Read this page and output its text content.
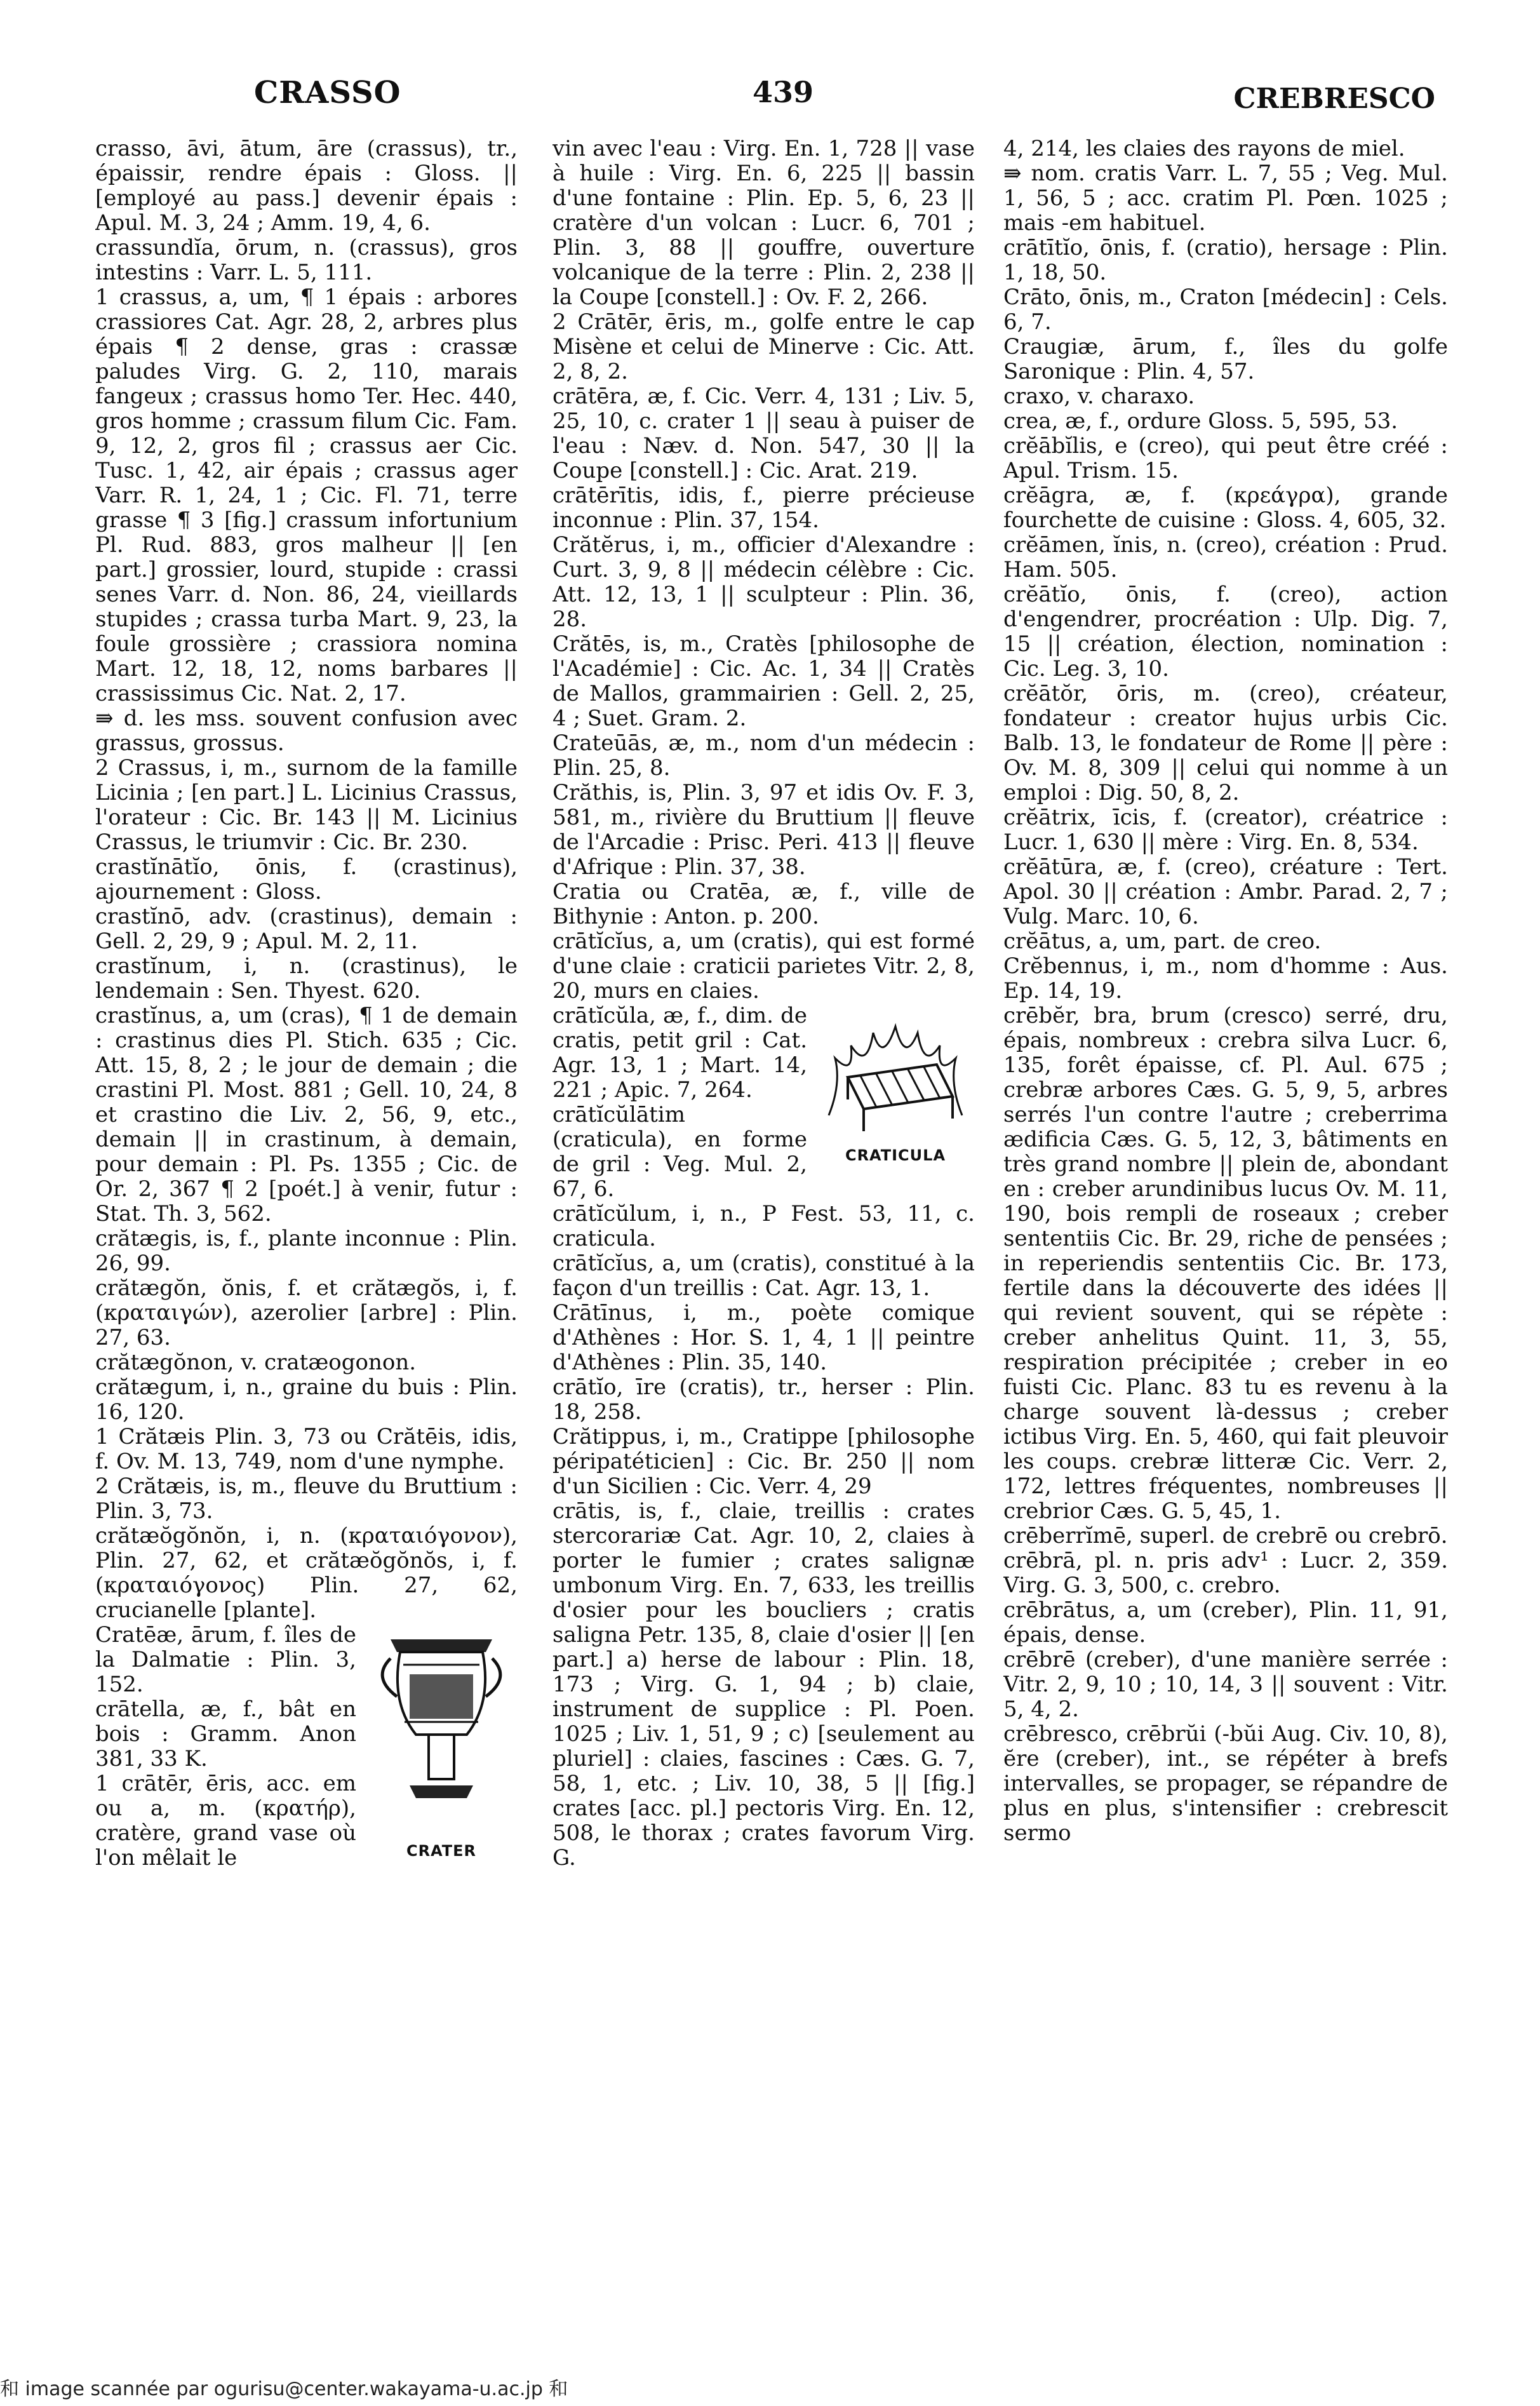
CRASSO	439	CREBRESCO

crasso, āvi, ātum, āre (crassus), tr., épaissir, rendre épais : Gloss. || [employé au pass.] devenir épais : Apul. M. 3, 24 ; Amm. 19, 4, 6.

crassundĭa, ōrum, n. (crassus), gros intestins : Varr. L. 5, 111.

1 crassus, a, um, ¶ 1 épais : arbores crassiores Cat. Agr. 28, 2, arbres plus épais ¶ 2 dense, gras : crassæ paludes Virg. G. 2, 110, marais fangeux ; crassus homo Ter. Hec. 440, gros homme ; crassum filum Cic. Fam. 9, 12, 2, gros fil ; crassus aer Cic. Tusc. 1, 42, air épais ; crassus ager Varr. R. 1, 24, 1 ; Cic. Fl. 71, terre grasse ¶ 3 [fig.] crassum infortunium Pl. Rud. 883, gros malheur || [en part.] grossier, lourd, stupide : crassi senes Varr. d. Non. 86, 24, vieillards stupides ; crassa turba Mart. 9, 23, la foule grossière ; crassiora nomina Mart. 12, 18, 12, noms barbares || crassissimus Cic. Nat. 2, 17.

⇛ d. les mss. souvent confusion avec grassus, grossus.

2 Crassus, i, m., surnom de la famille Licinia ; [en part.] L. Licinius Crassus, l'orateur : Cic. Br. 143 || M. Licinius Crassus, le triumvir : Cic. Br. 230.

crastĭnātĭo, ōnis, f. (crastinus), ajournement : Gloss.

crastĭnō, adv. (crastinus), demain : Gell. 2, 29, 9 ; Apul. M. 2, 11.

crastĭnum, i, n. (crastinus), le lendemain : Sen. Thyest. 620.

crastĭnus, a, um (cras), ¶ 1 de demain : crastinus dies Pl. Stich. 635 ; Cic. Att. 15, 8, 2 ; le jour de demain ; die crastini Pl. Most. 881 ; Gell. 10, 24, 8 et crastino die Liv. 2, 56, 9, etc., demain || in crastinum, à demain, pour demain : Pl. Ps. 1355 ; Cic. de Or. 2, 367 ¶ 2 [poét.] à venir, futur : Stat. Th. 3, 562.

crătægis, is, f., plante inconnue : Plin. 26, 99.

crătægŏn, ŏnis, f. et crătægŏs, i, f. (κραταιγών), azerolier [arbre] : Plin. 27, 63.

crătægŏnon, v. cratæogonon.

crătægum, i, n., graine du buis : Plin. 16, 120.

1 Crătæis Plin. 3, 73 ou Crătēis, idis, f. Ov. M. 13, 749, nom d'une nymphe.

2 Crătæis, is, m., fleuve du Bruttium : Plin. 3, 73.

crătæŏgŏnŏn, i, n. (κραταιόγονον), Plin. 27, 62, et crătæŏgŏnŏs, i, f. (κραταιόγονος) Plin. 27, 62, crucianelle [plante].

CRATER

Cratēæ, ārum, f. îles de la Dalmatie : Plin. 3, 152.

crātella, æ, f., bât en bois : Gramm. Anon 381, 33 K.

1 crātēr, ēris, acc. em ou a, m. (κρατήρ), cratère, grand vase où l'on mêlait le

vin avec l'eau : Virg. En. 1, 728 || vase à huile : Virg. En. 6, 225 || bassin d'une fontaine : Plin. Ep. 5, 6, 23 || cratère d'un volcan : Lucr. 6, 701 ; Plin. 3, 88 || gouffre, ouverture volcanique de la terre : Plin. 2, 238 || la Coupe [constell.] : Ov. F. 2, 266.

2 Crātēr, ēris, m., golfe entre le cap Misène et celui de Minerve : Cic. Att. 2, 8, 2.

crātēra, æ, f. Cic. Verr. 4, 131 ; Liv. 5, 25, 10, c. crater 1 || seau à puiser de l'eau : Næv. d. Non. 547, 30 || la Coupe [constell.] : Cic. Arat. 219.

crātērītis, idis, f., pierre précieuse inconnue : Plin. 37, 154.

Crătĕrus, i, m., officier d'Alexandre : Curt. 3, 9, 8 || médecin célèbre : Cic. Att. 12, 13, 1 || sculpteur : Plin. 36, 28.

Crătēs, is, m., Cratès [philosophe de l'Académie] : Cic. Ac. 1, 34 || Cratès de Mallos, grammairien : Gell. 2, 25, 4 ; Suet. Gram. 2.

Crateūās, æ, m., nom d'un médecin : Plin. 25, 8.

Crăthis, is, Plin. 3, 97 et idis Ov. F. 3, 581, m., rivière du Bruttium || fleuve de l'Arcadie : Prisc. Peri. 413 || fleuve d'Afrique : Plin. 37, 38.

Cratia ou Cratēa, æ, f., ville de Bithynie : Anton. p. 200.

crātĭcĭus, a, um (cratis), qui est formé d'une claie : craticii parietes Vitr. 2, 8, 20, murs en claies.

CRATICULA

crātĭcŭla, æ, f., dim. de cratis, petit gril : Cat. Agr. 13, 1 ; Mart. 14, 221 ; Apic. 7, 264.

crātĭcŭlātim (craticula), en forme de gril : Veg. Mul. 2, 67, 6.

crātĭcŭlum, i, n., P Fest. 53, 11, c. craticula.

crātĭcĭus, a, um (cratis), constitué à la façon d'un treillis : Cat. Agr. 13, 1.

Crātīnus, i, m., poète comique d'Athènes : Hor. S. 1, 4, 1 || peintre d'Athènes : Plin. 35, 140.

crātĭo, īre (cratis), tr., herser : Plin. 18, 258.

Crătippus, i, m., Cratippe [philosophe péripatéticien] : Cic. Br. 250 || nom d'un Sicilien : Cic. Verr. 4, 29

crātis, is, f., claie, treillis : crates stercorariæ Cat. Agr. 10, 2, claies à porter le fumier ; crates salignæ umbonum Virg. En. 7, 633, les treillis d'osier pour les boucliers ; cratis saligna Petr. 135, 8, claie d'osier || [en part.] a) herse de labour : Plin. 18, 173 ; Virg. G. 1, 94 ; b) claie, instrument de supplice : Pl. Poen. 1025 ; Liv. 1, 51, 9 ; c) [seulement au pluriel] : claies, fascines : Cæs. G. 7, 58, 1, etc. ; Liv. 10, 38, 5 || [fig.] crates [acc. pl.] pectoris Virg. En. 12, 508, le thorax ; crates favorum Virg. G.

4, 214, les claies des rayons de miel.

⇛ nom. cratis Varr. L. 7, 55 ; Veg. Mul. 1, 56, 5 ; acc. cratim Pl. Pœn. 1025 ; mais -em habituel.

crātītĭo, ōnis, f. (cratio), hersage : Plin. 1, 18, 50.

Crāto, ōnis, m., Craton [médecin] : Cels. 6, 7.

Craugiæ, ārum, f., îles du golfe Saronique : Plin. 4, 57.

craxo, v. charaxo.

crea, æ, f., ordure Gloss. 5, 595, 53.

crĕābĭlis, e (creo), qui peut être créé : Apul. Trism. 15.

crĕāgra, æ, f. (κρεάγρα), grande fourchette de cuisine : Gloss. 4, 605, 32.

crĕāmen, ĭnis, n. (creo), création : Prud. Ham. 505.

crĕātĭo, ōnis, f. (creo), action d'engendrer, procréation : Ulp. Dig. 7, 15 || création, élection, nomination : Cic. Leg. 3, 10.

crĕātŏr, ōris, m. (creo), créateur, fondateur : creator hujus urbis Cic. Balb. 13, le fondateur de Rome || père : Ov. M. 8, 309 || celui qui nomme à un emploi : Dig. 50, 8, 2.

crĕātrix, īcis, f. (creator), créatrice : Lucr. 1, 630 || mère : Virg. En. 8, 534.

crĕātūra, æ, f. (creo), créature : Tert. Apol. 30 || création : Ambr. Parad. 2, 7 ; Vulg. Marc. 10, 6.

crĕātus, a, um, part. de creo.

Crĕbennus, i, m., nom d'homme : Aus. Ep. 14, 19.

crēbĕr, bra, brum (cresco) serré, dru, épais, nombreux : crebra silva Lucr. 6, 135, forêt épaisse, cf. Pl. Aul. 675 ; crebræ arbores Cæs. G. 5, 9, 5, arbres serrés l'un contre l'autre ; creberrima ædificia Cæs. G. 5, 12, 3, bâtiments en très grand nombre || plein de, abondant en : creber arundinibus lucus Ov. M. 11, 190, bois rempli de roseaux ; creber sententiis Cic. Br. 29, riche de pensées ; in reperiendis sententiis Cic. Br. 173, fertile dans la découverte des idées || qui revient souvent, qui se répète : creber anhelitus Quint. 11, 3, 55, respiration précipitée ; creber in eo fuisti Cic. Planc. 83 tu es revenu à la charge souvent là-dessus ; creber ictibus Virg. En. 5, 460, qui fait pleuvoir les coups. crebræ litteræ Cic. Verr. 2, 172, lettres fréquentes, nombreuses || crebrior Cæs. G. 5, 45, 1.

crēberrĭmē, superl. de crebrē ou crebrō.

crēbrā, pl. n. pris adv¹ : Lucr. 2, 359. Virg. G. 3, 500, c. crebro.

crēbrātus, a, um (creber), Plin. 11, 91, épais, dense.

crēbrē (creber), d'une manière serrée : Vitr. 2, 9, 10 ; 10, 14, 3 || souvent : Vitr. 5, 4, 2.

crēbresco, crēbrŭi (-bŭi Aug. Civ. 10, 8), ĕre (creber), int., se répéter à brefs intervalles, se propager, se répandre de plus en plus, s'intensifier : crebrescit sermo

和 image scannée par ogurisu@center.wakayama-u.ac.jp 和
